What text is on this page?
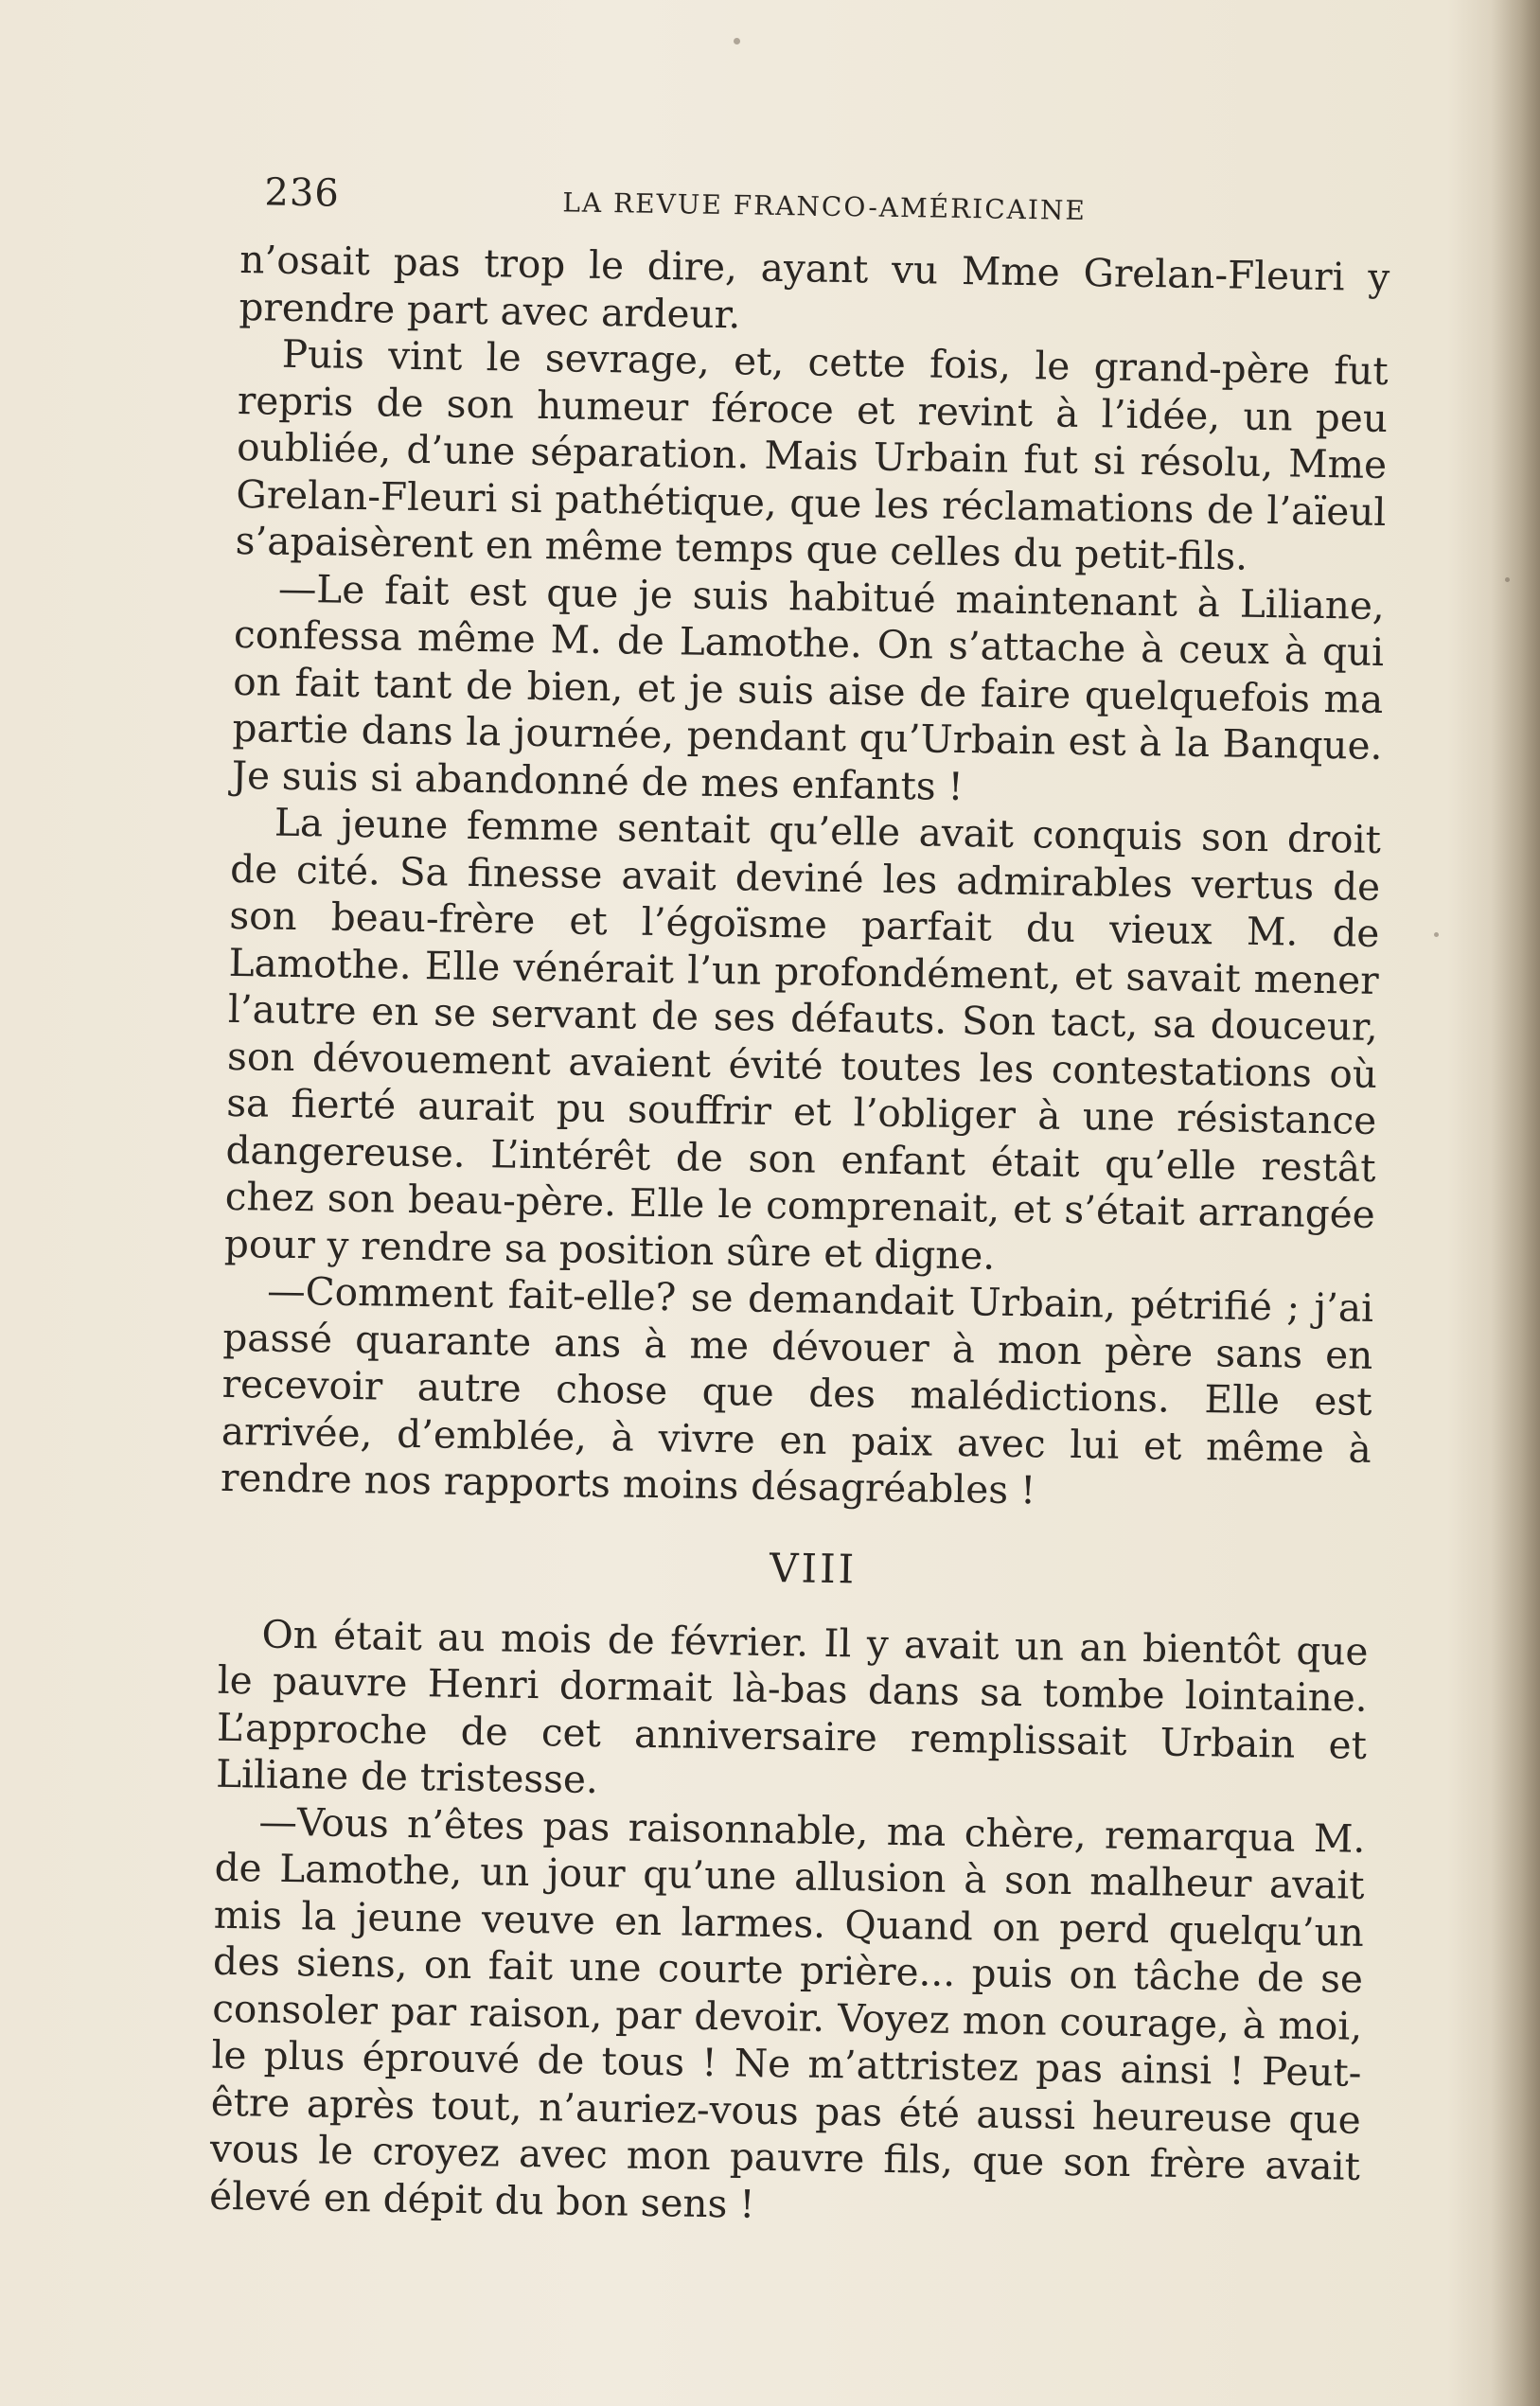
236	LA REVUE FRANCO-AMÉRICAINE

n’osait pas trop le dire, ayant vu Mme Grelan-Fleuri y prendre part avec ardeur.

Puis vint le sevrage, et, cette fois, le grand-père fut repris de son humeur féroce et revint à l’idée, un peu oubliée, d’une séparation. Mais Urbain fut si résolu, Mme Grelan-Fleuri si pathétique, que les réclamations de l’aïeul s’apaisèrent en même temps que celles du petit-fils.

—Le fait est que je suis habitué maintenant à Liliane, confessa même M. de Lamothe. On s’attache à ceux à qui on fait tant de bien, et je suis aise de faire quelquefois ma partie dans la journée, pendant qu’Urbain est à la Banque. Je suis si abandonné de mes enfants !

La jeune femme sentait qu’elle avait conquis son droit de cité. Sa finesse avait deviné les admirables vertus de son beau-frère et l’égoïsme parfait du vieux M. de Lamothe. Elle vénérait l’un profondément, et savait mener l’autre en se servant de ses défauts. Son tact, sa douceur, son dévouement avaient évité toutes les contestations où sa fierté aurait pu souffrir et l’obliger à une résistance dangereuse. L’intérêt de son enfant était qu’elle restât chez son beau-père. Elle le comprenait, et s’était arrangée pour y rendre sa position sûre et digne.

—Comment fait-elle? se demandait Urbain, pétrifié ; j’ai passé quarante ans à me dévouer à mon père sans en recevoir autre chose que des malédictions. Elle est arrivée, d’emblée, à vivre en paix avec lui et même à rendre nos rapports moins désagréables !

VIII

On était au mois de février. Il y avait un an bientôt que le pauvre Henri dormait là-bas dans sa tombe lointaine. L’approche de cet anniversaire remplissait Urbain et Liliane de tristesse.

—Vous n’êtes pas raisonnable, ma chère, remarqua M. de Lamothe, un jour qu’une allusion à son malheur avait mis la jeune veuve en larmes. Quand on perd quelqu’un des siens, on fait une courte prière... puis on tâche de se consoler par raison, par devoir. Voyez mon courage, à moi, le plus éprouvé de tous ! Ne m’attristez pas ainsi ! Peut-être après tout, n’auriez-vous pas été aussi heureuse que vous le croyez avec mon pauvre fils, que son frère avait élevé en dépit du bon sens !
